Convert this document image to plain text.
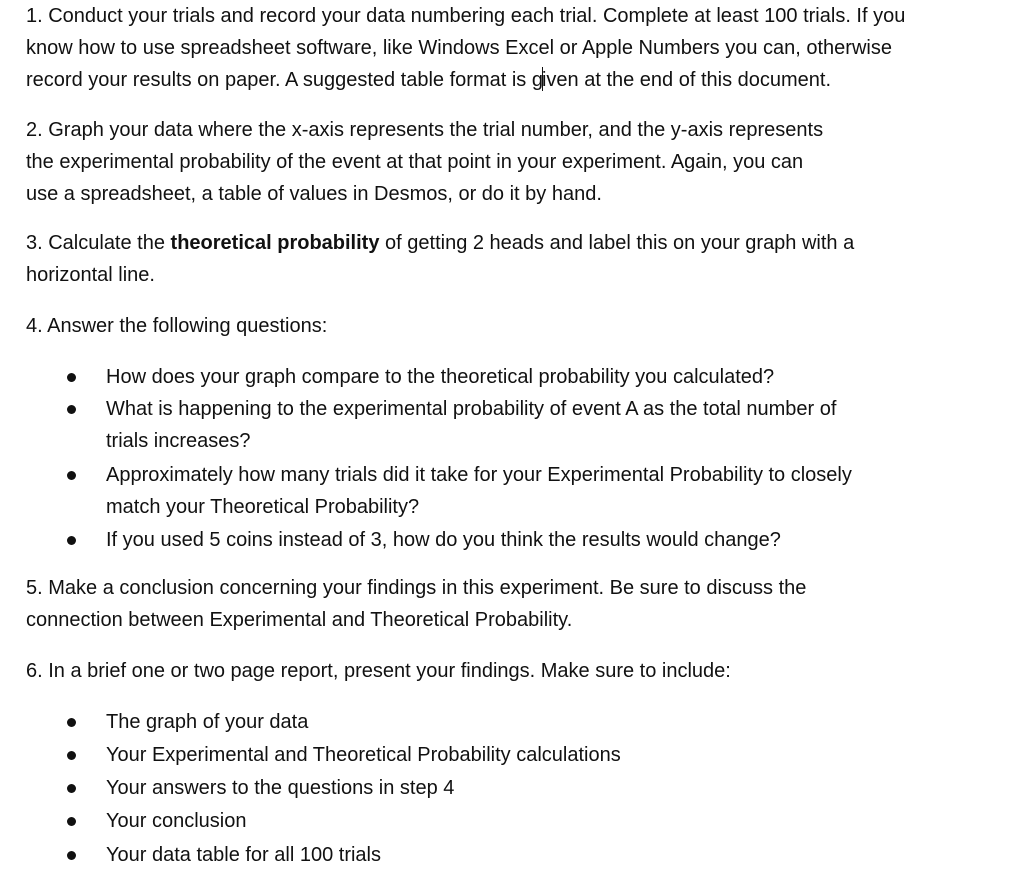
1. Conduct your trials and record your data numbering each trial. Complete at least 100 trials. If you
know how to use spreadsheet software, like Windows Excel or Apple Numbers you can, otherwise
record your results on paper. A suggested table format is given at the end of this document.

2. Graph your data where the x-axis represents the trial number, and the y-axis represents
the experimental probability of the event at that point in your experiment. Again, you can
use a spreadsheet, a table of values in Desmos, or do it by hand.

3. Calculate the theoretical probability of getting 2 heads and label this on your graph with a
horizontal line.

4. Answer the following questions:

How does your graph compare to the theoretical probability you calculated?
What is happening to the experimental probability of event A as the total number of
trials increases?
Approximately how many trials did it take for your Experimental Probability to closely
match your Theoretical Probability?
If you used 5 coins instead of 3, how do you think the results would change?

5. Make a conclusion concerning your findings in this experiment. Be sure to discuss the
connection between Experimental and Theoretical Probability.

6. In a brief one or two page report, present your findings. Make sure to include:

The graph of your data
Your Experimental and Theoretical Probability calculations
Your answers to the questions in step 4
Your conclusion
Your data table for all 100 trials
